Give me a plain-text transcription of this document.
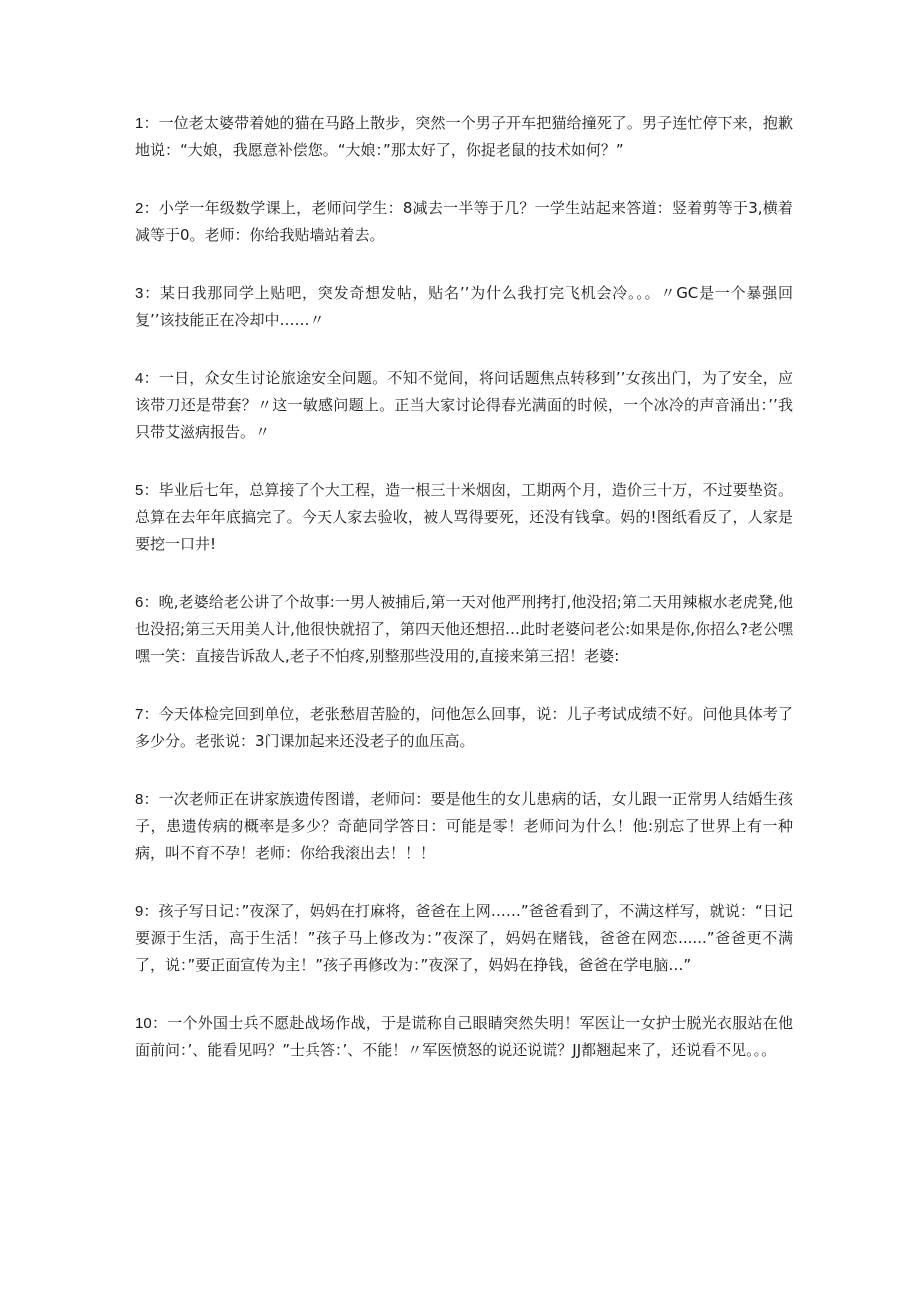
1：一位老太婆带着她的猫在马路上散步，突然一个男子开车把猫给撞死了。男子连忙停下来，抱歉地说：“大娘，我愿意补偿您。“大娘：”那太好了，你捉老鼠的技术如何？”

2：小学一年级数学课上，老师问学生：8减去一半等于几？一学生站起来答道：竖着剪等于3,横着减等于0。老师：你给我贴墙站着去。

3：某日我那同学上贴吧，突发奇想发帖，贴名’’为什么我打完飞机会冷。。。〃GC是一个暴强回复’’该技能正在冷却中……〃

4：一日，众女生讨论旅途安全问题。不知不觉间，将问话题焦点转移到’’女孩出门，为了安全，应该带刀还是带套？〃这一敏感问题上。正当大家讨论得春光满面的时候，一个冰冷的声音涌出：’’我只带艾滋病报告。〃

5：毕业后七年，总算接了个大工程，造一根三十米烟囱，工期两个月，造价三十万，不过要垫资。总算在去年年底搞完了。今天人家去验收，被人骂得要死，还没有钱拿。妈的!图纸看反了，人家是要挖一口井!

6：晚,老婆给老公讲了个故事:一男人被捕后,第一天对他严刑拷打,他没招;第二天用辣椒水老虎凳,他也没招;第三天用美人计,他很快就招了，第四天他还想招…此时老婆问老公:如果是你,你招么?老公嘿嘿一笑：直接告诉敌人,老子不怕疼,别整那些没用的,直接来第三招！老婆:

7：今天体检完回到单位，老张愁眉苦脸的，问他怎么回事，说：儿子考试成绩不好。问他具体考了多少分。老张说：3门课加起来还没老子的血压高。

8：一次老师正在讲家族遗传图谱，老师问：要是他生的女儿患病的话，女儿跟一正常男人结婚生孩子，患遗传病的概率是多少？奇葩同学答日：可能是零！老师问为什么！他:别忘了世界上有一种病，叫不育不孕！老师：你给我滚出去！！！

9：孩子写日记：”夜深了，妈妈在打麻将，爸爸在上网……”爸爸看到了，不满这样写，就说：“日记要源于生活，高于生活！”孩子马上修改为：”夜深了，妈妈在赌钱，爸爸在网恋......”爸爸更不满了，说：”要正面宣传为主！”孩子再修改为：”夜深了，妈妈在挣钱，爸爸在学电脑…”

10：一个外国士兵不愿赴战场作战，于是谎称自己眼睛突然失明！军医让一女护士脱光衣服站在他面前问：’、能看见吗？”士兵答：’、不能！〃军医愤怒的说还说谎？JJ都翘起来了，还说看不见。。。
